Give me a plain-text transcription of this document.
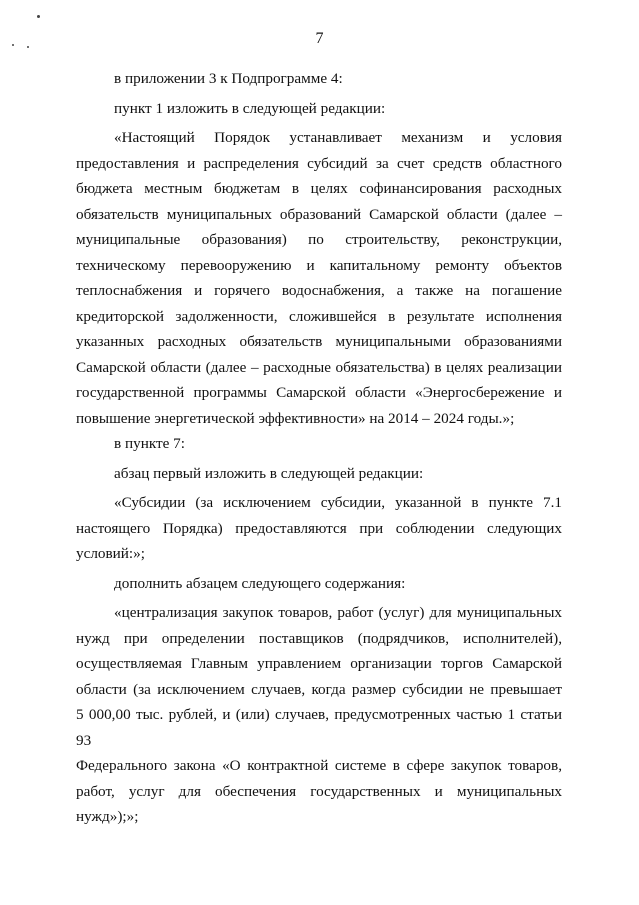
7
в приложении 3 к Подпрограмме 4:
пункт 1 изложить в следующей редакции:
«Настоящий Порядок устанавливает механизм и условия
предоставления и распределения субсидий за счет средств областного
бюджета местным бюджетам в целях софинансирования расходных
обязательств муниципальных образований Самарской области (далее –
муниципальные образования) по строительству, реконструкции,
техническому перевооружению и капитальному ремонту объектов
теплоснабжения и горячего водоснабжения, а также на погашение
кредиторской задолженности, сложившейся в результате исполнения
указанных расходных обязательств муниципальными образованиями
Самарской области (далее – расходные обязательства) в целях реализации
государственной программы Самарской области «Энергосбережение и
повышение энергетической эффективности» на 2014 – 2024 годы.»;
в пункте 7:
абзац первый изложить в следующей редакции:
«Субсидии (за исключением субсидии, указанной в пункте 7.1
настоящего Порядка) предоставляются при соблюдении следующих
условий:»;
дополнить абзацем следующего содержания:
«централизация закупок товаров, работ (услуг) для муниципальных
нужд при определении поставщиков (подрядчиков, исполнителей),
осуществляемая Главным управлением организации торгов Самарской
области (за исключением случаев, когда размер субсидии не превышает
5 000,00 тыс. рублей, и (или) случаев, предусмотренных частью 1 статьи 93
Федерального закона «О контрактной системе в сфере закупок товаров,
работ, услуг для обеспечения государственных и муниципальных
нужд»);»;
